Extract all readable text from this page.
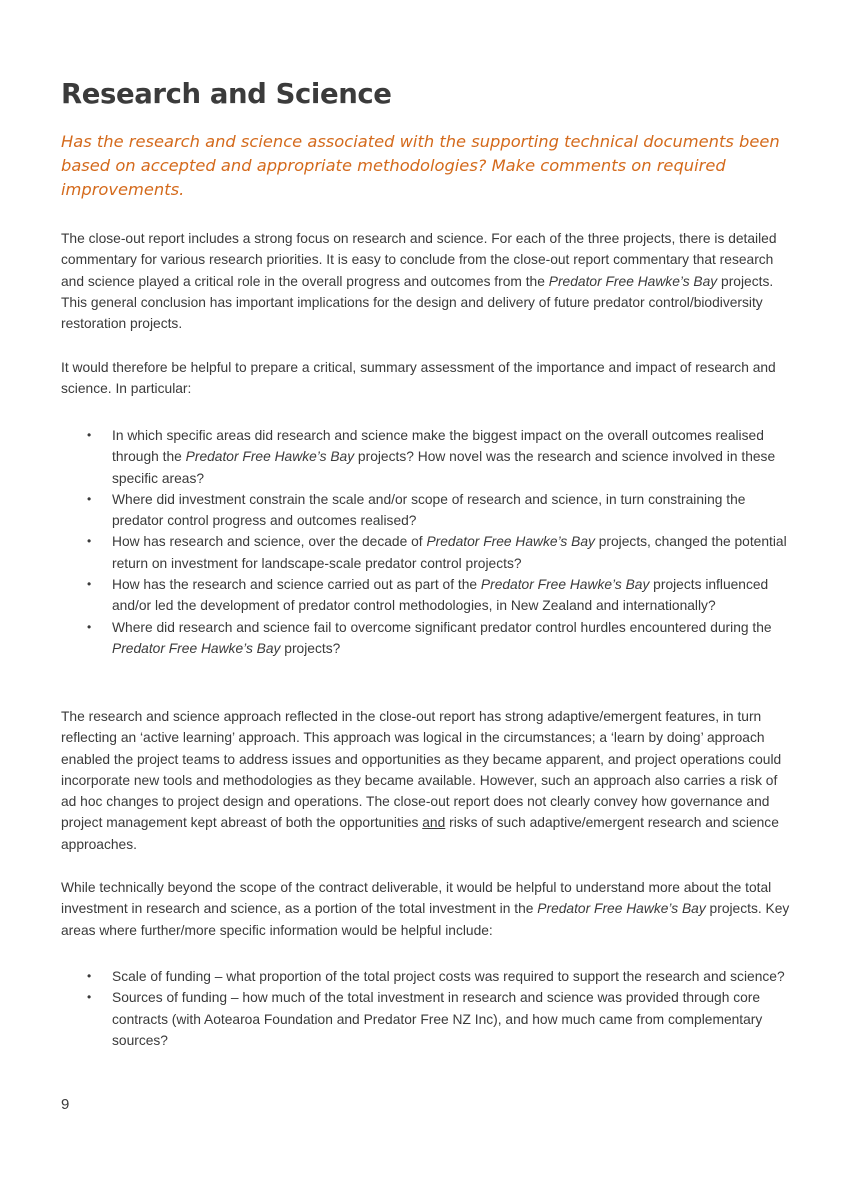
Research and Science

Has the research and science associated with the supporting technical documents been based on accepted and appropriate methodologies? Make comments on required improvements.

The close-out report includes a strong focus on research and science. For each of the three projects, there is detailed commentary for various research priorities. It is easy to conclude from the close-out report commentary that research and science played a critical role in the overall progress and outcomes from the Predator Free Hawke’s Bay projects. This general conclusion has important implications for the design and delivery of future predator control/biodiversity restoration projects.

It would therefore be helpful to prepare a critical, summary assessment of the importance and impact of research and science. In particular:

• In which specific areas did research and science make the biggest impact on the overall outcomes realised through the Predator Free Hawke’s Bay projects? How novel was the research and science involved in these specific areas?
• Where did investment constrain the scale and/or scope of research and science, in turn constraining the predator control progress and outcomes realised?
• How has research and science, over the decade of Predator Free Hawke’s Bay projects, changed the potential return on investment for landscape-scale predator control projects?
• How has the research and science carried out as part of the Predator Free Hawke’s Bay projects influenced and/or led the development of predator control methodologies, in New Zealand and internationally?
• Where did research and science fail to overcome significant predator control hurdles encountered during the Predator Free Hawke’s Bay projects?

The research and science approach reflected in the close-out report has strong adaptive/emergent features, in turn reflecting an ‘active learning’ approach. This approach was logical in the circumstances; a ‘learn by doing’ approach enabled the project teams to address issues and opportunities as they became apparent, and project operations could incorporate new tools and methodologies as they became available. However, such an approach also carries a risk of ad hoc changes to project design and operations. The close-out report does not clearly convey how governance and project management kept abreast of both the opportunities and risks of such adaptive/emergent research and science approaches.

While technically beyond the scope of the contract deliverable, it would be helpful to understand more about the total investment in research and science, as a portion of the total investment in the Predator Free Hawke’s Bay projects. Key areas where further/more specific information would be helpful include:

• Scale of funding – what proportion of the total project costs was required to support the research and science?
• Sources of funding – how much of the total investment in research and science was provided through core contracts (with Aotearoa Foundation and Predator Free NZ Inc), and how much came from complementary sources?

9
